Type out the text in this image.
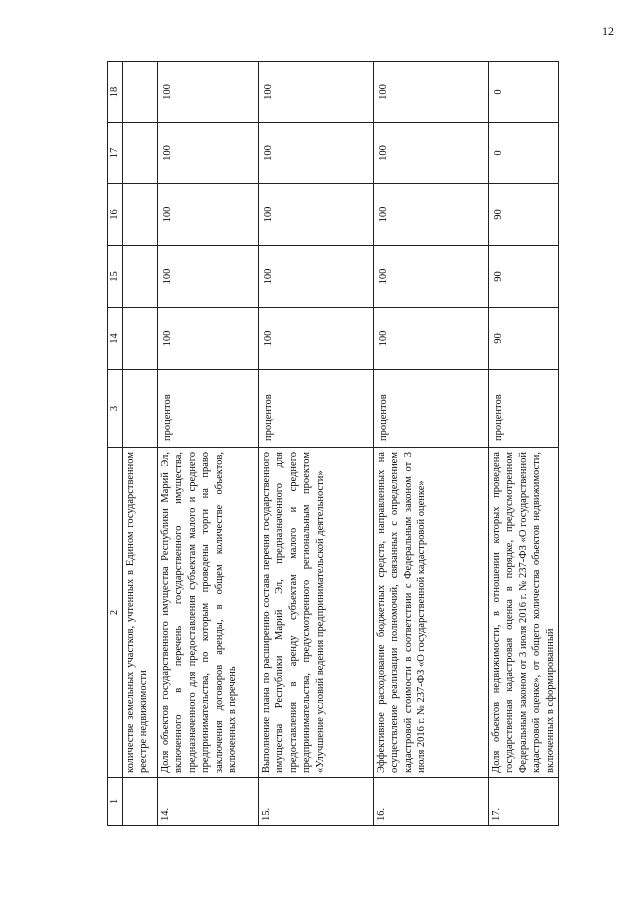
12
1	2	3	14	15	16	17	18
	количестве земельных участков, учтенных в Едином государственном реестре недвижимости						
14.	Доля объектов государственного имущества Республики Марий Эл, включенного в перечень государственного имущества, предназначенного для предоставления субъектам малого и среднего предпринимательства, по которым проведены торги на право заключения договоров аренды, в общем количестве объектов, включенных в перечень	процентов	100	100	100	100	100
15.	Выполнение плана по расширению состава перечня государственного имущества Республики Марий Эл, предназначенного для предоставления в аренду субъектам малого и среднего предпринимательства, предусмотренного региональным проектом «Улучшение условий ведения предпринимательской деятельности»	процентов	100	100	100	100	100
16.	Эффективное расходование бюджетных средств, направленных на осуществление реализации полномочий, связанных с определением кадастровой стоимости в соответствии с Федеральным законом от 3 июля 2016 г. № 237-ФЗ «О государственной кадастровой оценке»	процентов	100	100	100	100	100
17.	Доля объектов недвижимости, в отношении которых проведена государственная кадастровая оценка в порядке, предусмотренном Федеральным законом от 3 июля 2016 г. № 237-ФЗ «О государственной кадастровой оценке», от общего количества объектов недвижимости, включенных в сформированный	процентов	90	90	90	0	0
